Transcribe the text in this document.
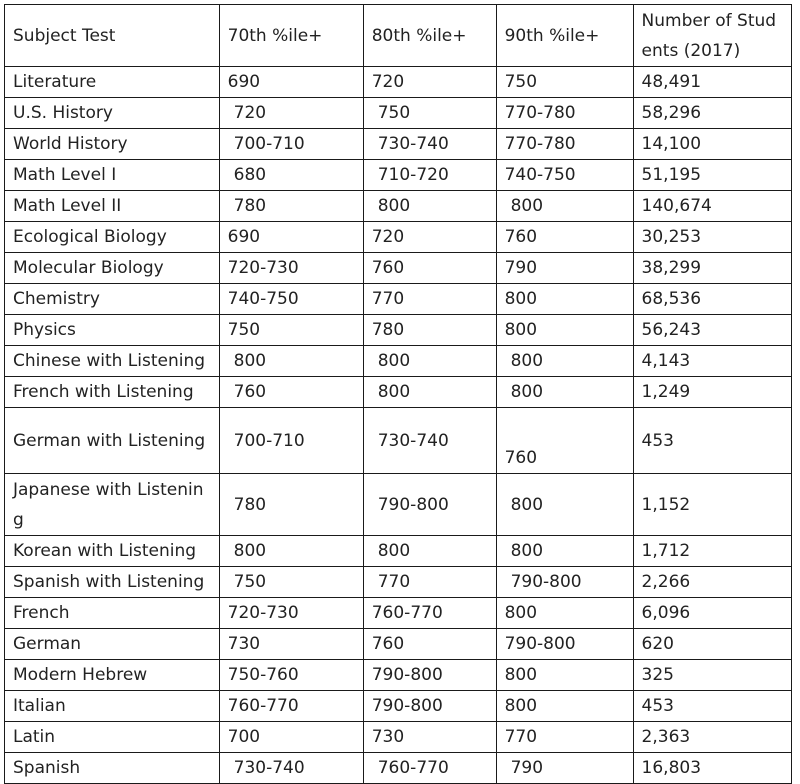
Subject Test	70th %ile+	80th %ile+	90th %ile+	Number of Students (2017)
Literature	690	720	750	48,491
U.S. History	720	750	770-780	58,296
World History	700-710	730-740	770-780	14,100
Math Level I	680	710-720	740-750	51,195
Math Level II	780	800	800	140,674
Ecological Biology	690	720	760	30,253
Molecular Biology	720-730	760	790	38,299
Chemistry	740-750	770	800	68,536
Physics	750	780	800	56,243
Chinese with Listening	800	800	800	4,143
French with Listening	760	800	800	1,249
German with Listening	700-710	730-740	760	453
Japanese with Listening	780	790-800	800	1,152
Korean with Listening	800	800	800	1,712
Spanish with Listening	750	770	790-800	2,266
French	720-730	760-770	800	6,096
German	730	760	790-800	620
Modern Hebrew	750-760	790-800	800	325
Italian	760-770	790-800	800	453
Latin	700	730	770	2,363
Spanish	730-740	760-770	790	16,803
